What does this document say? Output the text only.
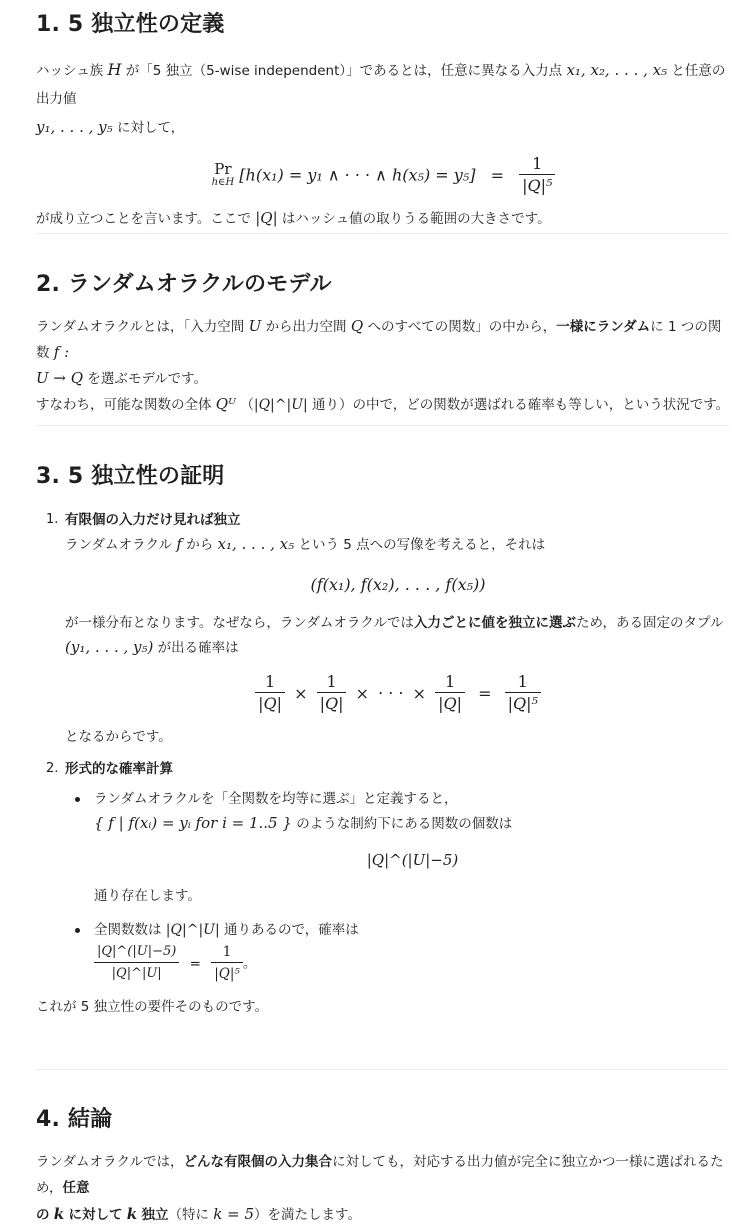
1. 5 独立性の定義

ハッシュ族 H が「5 独立（5-wise independent）」であるとは，任意に異なる入力点 x₁, x₂, . . . , x₅ と任意の出力値
y₁, . . . , y₅ に対して，

Pr
h∈H [h(x₁) = y₁ ∧ · · · ∧ $h(x_5) = y_5] = \frac{1}{\text{|Q|⁵}}$

が成り立つことを言います。ここで |Q| はハッシュ値の取りうる範囲の大きさです。

2. ランダムオラクルのモデル

ランダムオラクルとは，「入力空間 U から出力空間 Q へのすべての関数」の中から，一様にランダムに 1 つの関数 f :
U → Q を選ぶモデルです。
すなわち，可能な関数の全体 Qᵁ （|Q|^|U| 通り）の中で，どの関数が選ばれる確率も等しい，という状況です。

3. 5 独立性の証明
1. 有限個の入力だけ見れば独立
ランダムオラクル f から x₁, . . . , x₅ という 5 点への写像を考えると，それは
(f(x₁), f(x₂), . . . , f(x₅))
が一様分布となります。なぜなら，ランダムオラクルでは入力ごとに値を独立に選ぶため，ある固定のタプル
(y₁, . . . , y₅) が出る確率は
$\frac{1}{|Q|} \times \frac{1}{|Q|}$ × · · · × $\frac{1}{|Q|} = \frac{1}{\text{|Q|⁵}}$
となるからです。
2. 形式的な確率計算
ランダムオラクルを「全関数を均等に選ぶ」と定義すると，
{ f | f(xᵢ) = yᵢ for i = 1..5 } のような制約下にある関数の個数は
|Q|^(|U|−5)
通り存在します。
全関数数は |Q|^|U| 通りあるので，確率は

$\frac{|Q|\^{}(|U|-5)}{|Q|\^{}|U|} = \frac{1}{\text{|Q|⁵}}$ 。

これが 5 独立性の要件そのものです。

4. 結論

ランダムオラクルでは，どんな有限個の入力集合に対しても，対応する出力値が完全に独立かつ一様に選ばれるため，任意
の k に対して k 独立（特に k = 5）を満たします。
